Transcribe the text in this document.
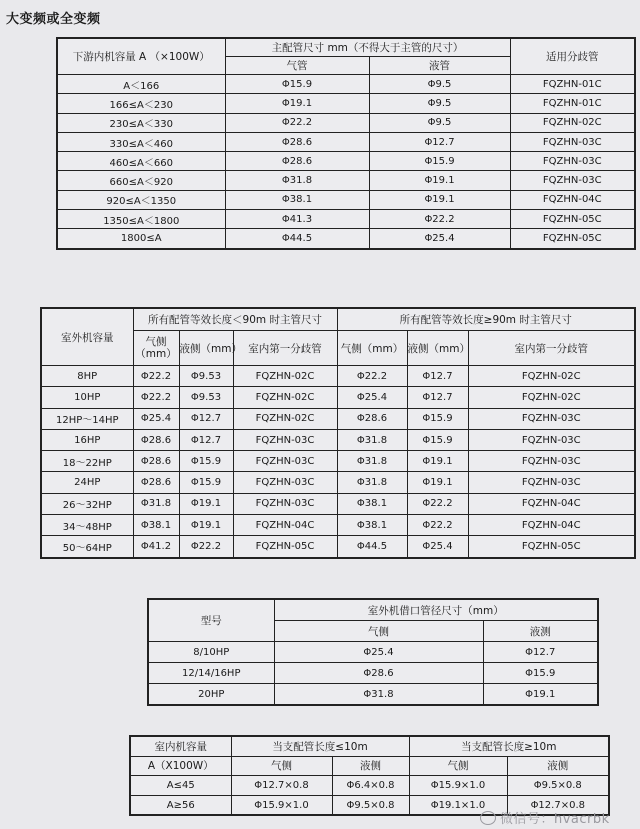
大变频或全变频
下游内机容量 A （×100W）	主配管尺寸 mm（不得大于主管的尺寸）		适用分歧管
	气管	液管	
A＜166	Φ15.9	Φ9.5	FQZHN-01C
166≤A＜230	Φ19.1	Φ9.5	FQZHN-01C
230≤A＜330	Φ22.2	Φ9.5	FQZHN-02C
330≤A＜460	Φ28.6	Φ12.7	FQZHN-03C
460≤A＜660	Φ28.6	Φ15.9	FQZHN-03C
660≤A＜920	Φ31.8	Φ19.1	FQZHN-03C
920≤A＜1350	Φ38.1	Φ19.1	FQZHN-04C
1350≤A＜1800	Φ41.3	Φ22.2	FQZHN-05C
1800≤A	Φ44.5	Φ25.4	FQZHN-05C
室外机容量	所有配管等效长度＜90m 时主管尺寸			所有配管等效长度≥90m 时主管尺寸		
	气侧（mm）	液侧（mm）	室内第一分歧管	气侧（mm）	液侧（mm）	室内第一分歧管
8HP	Φ22.2	Φ9.53	FQZHN-02C	Φ22.2	Φ12.7	FQZHN-02C
10HP	Φ22.2	Φ9.53	FQZHN-02C	Φ25.4	Φ12.7	FQZHN-02C
12HP～14HP	Φ25.4	Φ12.7	FQZHN-02C	Φ28.6	Φ15.9	FQZHN-03C
16HP	Φ28.6	Φ12.7	FQZHN-03C	Φ31.8	Φ15.9	FQZHN-03C
18～22HP	Φ28.6	Φ15.9	FQZHN-03C	Φ31.8	Φ19.1	FQZHN-03C
24HP	Φ28.6	Φ15.9	FQZHN-03C	Φ31.8	Φ19.1	FQZHN-03C
26～32HP	Φ31.8	Φ19.1	FQZHN-03C	Φ38.1	Φ22.2	FQZHN-04C
34～48HP	Φ38.1	Φ19.1	FQZHN-04C	Φ38.1	Φ22.2	FQZHN-04C
50～64HP	Φ41.2	Φ22.2	FQZHN-05C	Φ44.5	Φ25.4	FQZHN-05C
型号	室外机借口管径尺寸（mm）	
	气侧	液测
8/10HP	Φ25.4	Φ12.7
12/14/16HP	Φ28.6	Φ15.9
20HP	Φ31.8	Φ19.1
室内机容量	当支配管长度≤10m		当支配管长度≥10m	
A（X100W）	气侧	液侧	气侧	液侧
A≤45	Φ12.7×0.8	Φ6.4×0.8	Φ15.9×1.0	Φ9.5×0.8
A≥56	Φ15.9×1.0	Φ9.5×0.8	Φ19.1×1.0	Φ12.7×0.8
微信号：hvacrbk
